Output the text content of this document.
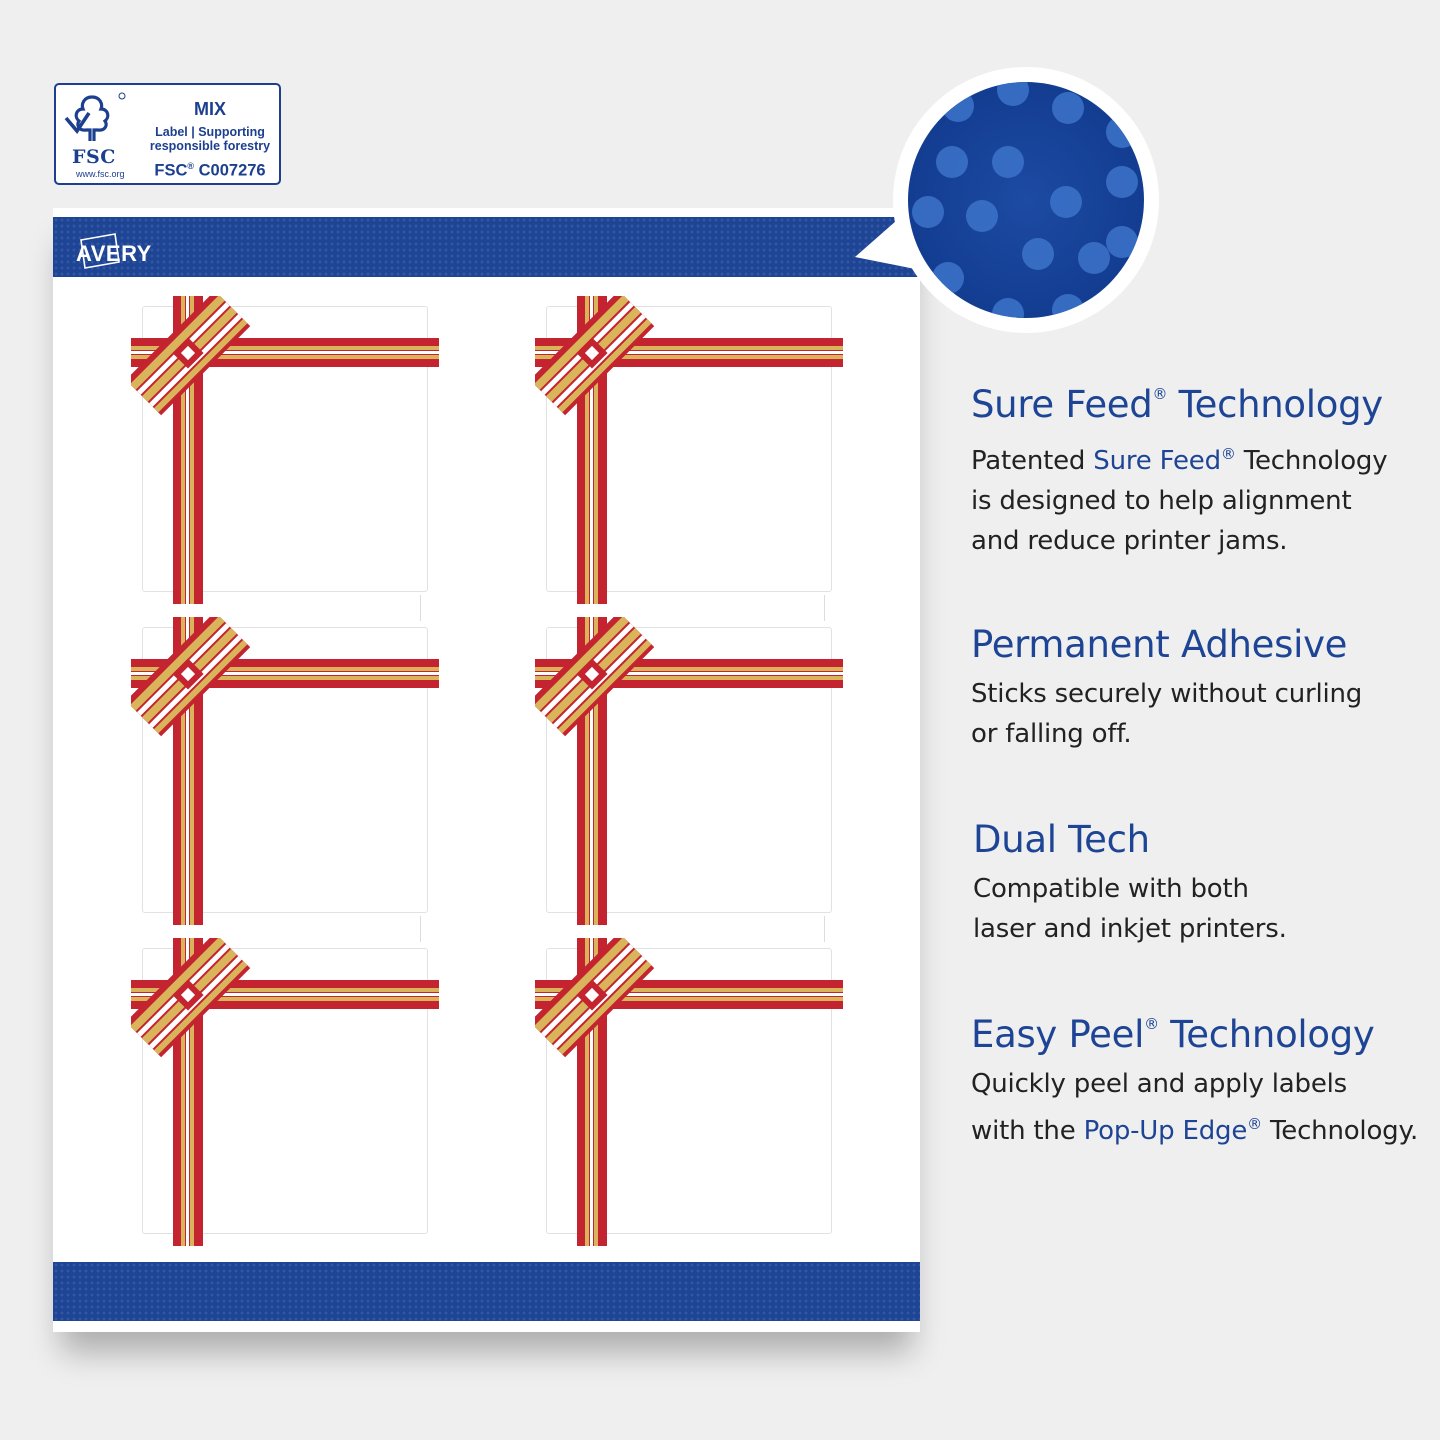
FSC
www.fsc.org
MIX
Label | Supporting
responsible forestry
FSC® C007276
AVERY
Sure Feed® Technology

Patented Sure Feed® Technology
is designed to help alignment
and reduce printer jams.

Permanent Adhesive

Sticks securely without curling
or falling off.

Dual Tech

Compatible with both
laser and inkjet printers.

Easy Peel® Technology

Quickly peel and apply labels
with the Pop-Up Edge® Technology.
